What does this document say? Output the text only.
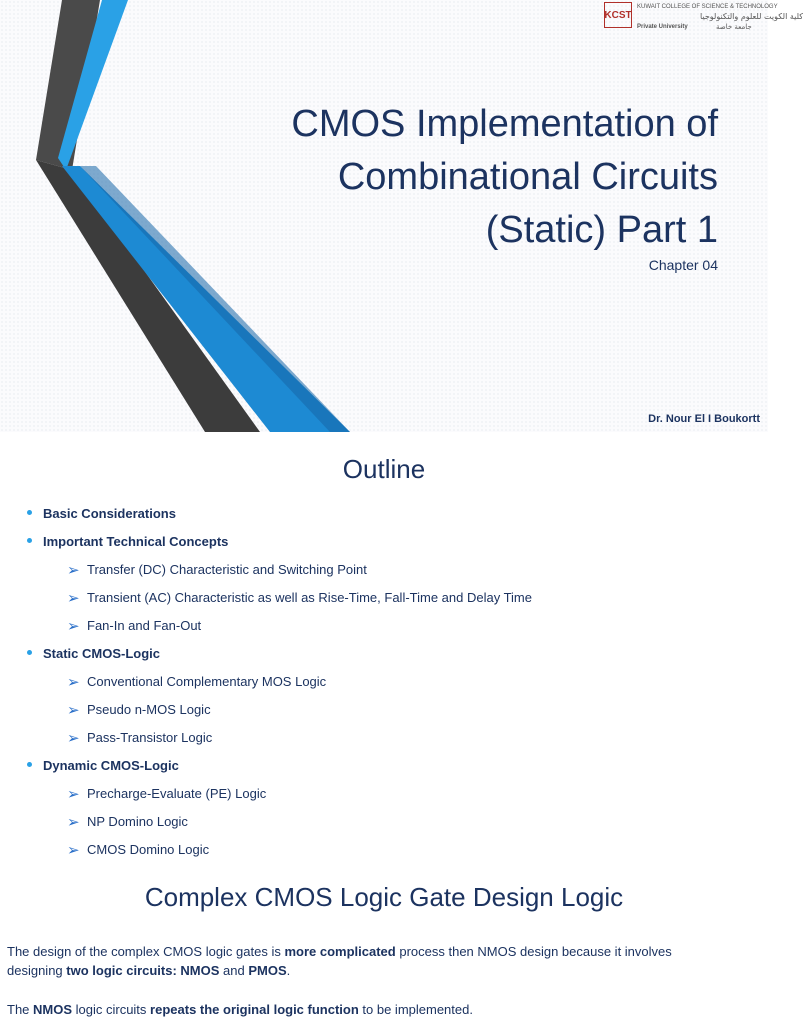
KCST
KUWAIT COLLEGE OF SCIENCE & TECHNOLOGY
كلية الكويت للعلوم والتكنولوجيا
Private University	جامعة خاصة
CMOS Implementation of
Combinational Circuits
(Static) Part 1
Chapter 04
Dr. Nour El I Boukortt
Outline
Basic Considerations
Important Technical Concepts
➢ Transfer (DC) Characteristic and Switching Point
➢ Transient (AC) Characteristic as well as Rise-Time, Fall-Time and Delay Time
➢ Fan-In and Fan-Out
Static CMOS-Logic
➢ Conventional Complementary MOS Logic
➢ Pseudo n-MOS Logic
➢ Pass-Transistor Logic
Dynamic CMOS-Logic
➢ Precharge-Evaluate (PE) Logic
➢ NP Domino Logic
➢ CMOS Domino Logic
Complex CMOS Logic Gate Design Logic
The design of the complex CMOS logic gates is more complicated process then NMOS design because it involves
designing two logic circuits: NMOS and PMOS.
The NMOS logic circuits repeats the original logic function to be implemented.
